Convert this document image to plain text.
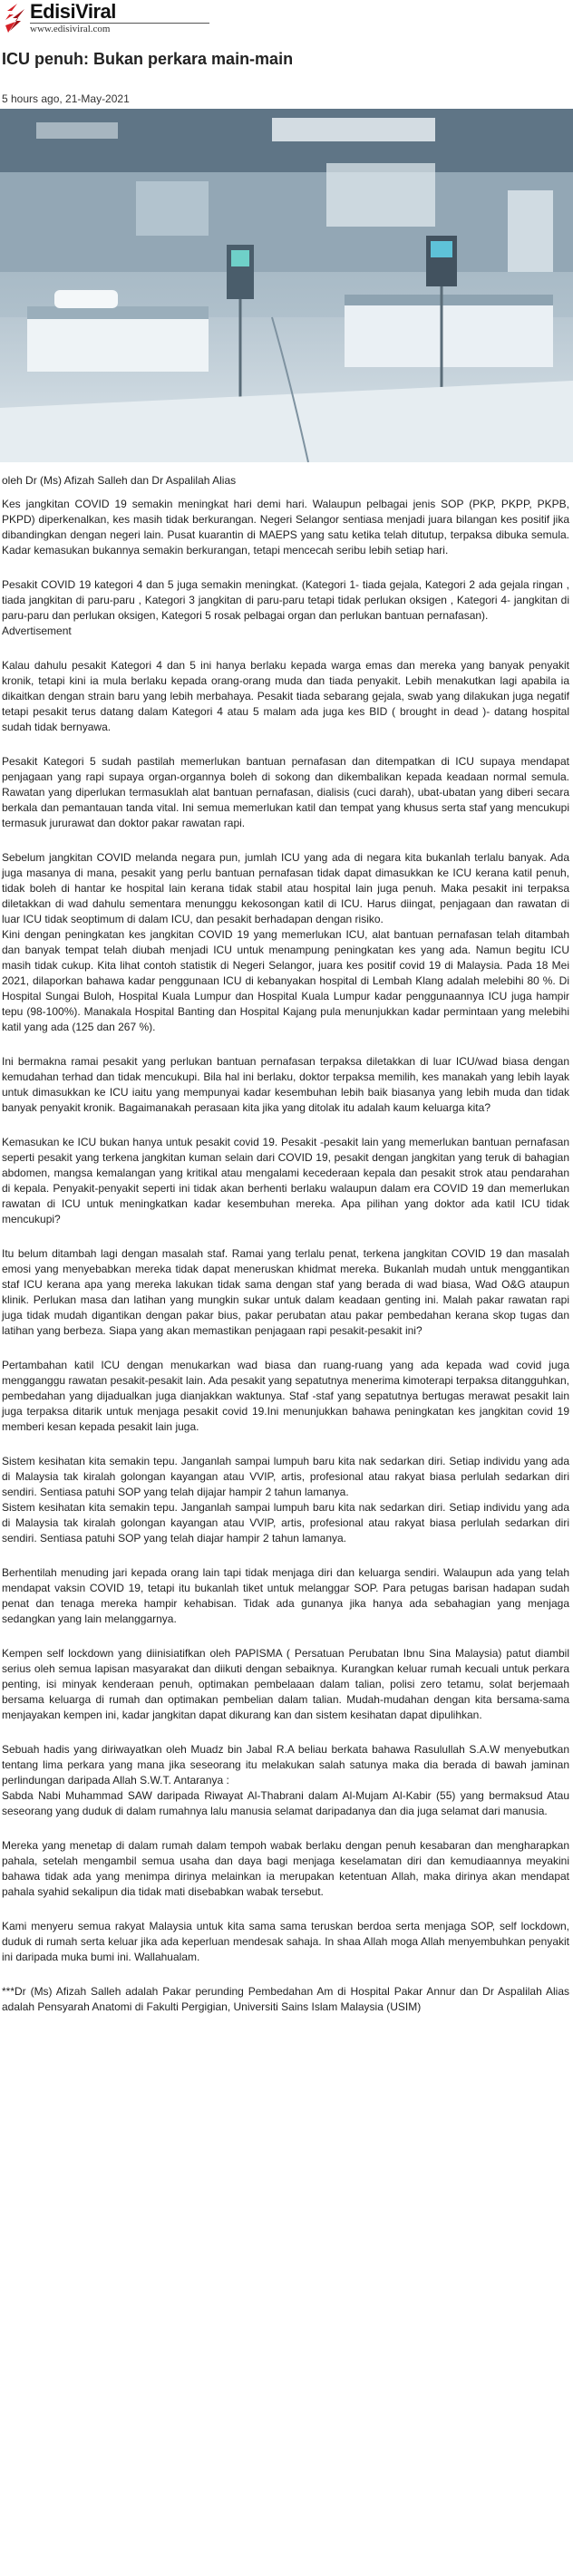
EdisiViral
www.edisiviral.com
ICU penuh: Bukan perkara main-main
5 hours ago, 21-May-2021
oleh Dr (Ms) Afizah Salleh dan Dr Aspalilah Alias

Kes jangkitan COVID 19 semakin meningkat hari demi hari. Walaupun pelbagai jenis SOP (PKP, PKPP, PKPB, PKPD) diperkenalkan, kes masih tidak berkurangan. Negeri Selangor sentiasa menjadi juara bilangan kes positif jika dibandingkan dengan negeri lain. Pusat kuarantin di MAEPS yang satu ketika telah ditutup, terpaksa dibuka semula. Kadar kemasukan bukannya semakin berkurangan, tetapi mencecah seribu lebih setiap hari.

Pesakit COVID 19 kategori 4 dan 5 juga semakin meningkat. (Kategori 1- tiada gejala, Kategori 2 ada gejala ringan , tiada jangkitan di paru-paru , Kategori 3 jangkitan di paru-paru tetapi tidak perlukan oksigen , Kategori 4- jangkitan di paru-paru dan perlukan oksigen, Kategori 5 rosak pelbagai organ dan perlukan bantuan pernafasan).

Advertisement

Kalau dahulu pesakit Kategori 4 dan 5 ini hanya berlaku kepada warga emas dan mereka yang banyak penyakit kronik, tetapi kini ia mula berlaku kepada orang-orang muda dan tiada penyakit. Lebih menakutkan lagi apabila ia dikaitkan dengan strain baru yang lebih merbahaya. Pesakit tiada sebarang gejala, swab yang dilakukan juga negatif tetapi pesakit terus datang dalam Kategori 4 atau 5 malam ada juga kes BID ( brought in dead )- datang hospital sudah tidak bernyawa.

Pesakit Kategori 5 sudah pastilah memerlukan bantuan pernafasan dan ditempatkan di ICU supaya mendapat penjagaan yang rapi supaya organ-organnya boleh di sokong dan dikembalikan kepada keadaan normal semula. Rawatan yang diperlukan termasuklah alat bantuan pernafasan, dialisis (cuci darah), ubat-ubatan yang diberi secara berkala dan pemantauan tanda vital. Ini semua memerlukan katil dan tempat yang khusus serta staf yang mencukupi termasuk jururawat dan doktor pakar rawatan rapi.

Sebelum jangkitan COVID melanda negara pun, jumlah ICU yang ada di negara kita bukanlah terlalu banyak. Ada juga masanya di mana, pesakit yang perlu bantuan pernafasan tidak dapat dimasukkan ke ICU kerana katil penuh, tidak boleh di hantar ke hospital lain kerana tidak stabil atau hospital lain juga penuh. Maka pesakit ini terpaksa diletakkan di wad dahulu sementara menunggu kekosongan katil di ICU. Harus diingat, penjagaan dan rawatan di luar ICU tidak seoptimum di dalam ICU, dan pesakit berhadapan dengan risiko.

Kini dengan peningkatan kes jangkitan COVID 19 yang memerlukan ICU, alat bantuan pernafasan telah ditambah dan banyak tempat telah diubah menjadi ICU untuk menampung peningkatan kes yang ada. Namun begitu ICU masih tidak cukup. Kita lihat contoh statistik di Negeri Selangor, juara kes positif covid 19 di Malaysia. Pada 18 Mei 2021, dilaporkan bahawa kadar penggunaan ICU di kebanyakan hospital di Lembah Klang adalah melebihi 80 %. Di Hospital Sungai Buloh, Hospital Kuala Lumpur dan Hospital Kuala Lumpur kadar penggunaannya ICU juga hampir tepu (98-100%). Manakala Hospital Banting dan Hospital Kajang pula menunjukkan kadar permintaan yang melebihi katil yang ada (125 dan 267 %).

Ini bermakna ramai pesakit yang perlukan bantuan pernafasan terpaksa diletakkan di luar ICU/wad biasa dengan kemudahan terhad dan tidak mencukupi. Bila hal ini berlaku, doktor terpaksa memilih, kes manakah yang lebih layak untuk dimasukkan ke ICU iaitu yang mempunyai kadar kesembuhan lebih baik biasanya yang lebih muda dan tidak banyak penyakit kronik. Bagaimanakah perasaan kita jika yang ditolak itu adalah kaum keluarga kita?

Kemasukan ke ICU bukan hanya untuk pesakit covid 19. Pesakit -pesakit lain yang memerlukan bantuan pernafasan seperti pesakit yang terkena jangkitan kuman selain dari COVID 19, pesakit dengan jangkitan yang teruk di bahagian abdomen, mangsa kemalangan yang kritikal atau mengalami kecederaan kepala dan pesakit strok atau pendarahan di kepala. Penyakit-penyakit seperti ini tidak akan berhenti berlaku walaupun dalam era COVID 19 dan memerlukan rawatan di ICU untuk meningkatkan kadar kesembuhan mereka. Apa pilihan yang doktor ada katil ICU tidak mencukupi?

Itu belum ditambah lagi dengan masalah staf. Ramai yang terlalu penat, terkena jangkitan COVID 19 dan masalah emosi yang menyebabkan mereka tidak dapat meneruskan khidmat mereka. Bukanlah mudah untuk menggantikan staf ICU kerana apa yang mereka lakukan tidak sama dengan staf yang berada di wad biasa, Wad O&G ataupun klinik. Perlukan masa dan latihan yang mungkin sukar untuk dalam keadaan genting ini. Malah pakar rawatan rapi juga tidak mudah digantikan dengan pakar bius, pakar perubatan atau pakar pembedahan kerana skop tugas dan latihan yang berbeza. Siapa yang akan memastikan penjagaan rapi pesakit-pesakit ini?

Pertambahan katil ICU dengan menukarkan wad biasa dan ruang-ruang yang ada kepada wad covid juga mengganggu rawatan pesakit-pesakit lain. Ada pesakit yang sepatutnya menerima kimoterapi terpaksa ditangguhkan, pembedahan yang dijadualkan juga dianjakkan waktunya. Staf -staf yang sepatutnya bertugas merawat pesakit lain juga terpaksa ditarik untuk menjaga pesakit covid 19.Ini menunjukkan bahawa peningkatan kes jangkitan covid 19 memberi kesan kepada pesakit lain juga.

Sistem kesihatan kita semakin tepu. Janganlah sampai lumpuh baru kita nak sedarkan diri. Setiap individu yang ada di Malaysia tak kiralah golongan kayangan atau VVIP, artis, profesional atau rakyat biasa perlulah sedarkan diri sendiri. Sentiasa patuhi SOP yang telah dijajar hampir 2 tahun lamanya.

Sistem kesihatan kita semakin tepu. Janganlah sampai lumpuh baru kita nak sedarkan diri. Setiap individu yang ada di Malaysia tak kiralah golongan kayangan atau VVIP, artis, profesional atau rakyat biasa perlulah sedarkan diri sendiri. Sentiasa patuhi SOP yang telah diajar hampir 2 tahun lamanya.

Berhentilah menuding jari kepada orang lain tapi tidak menjaga diri dan keluarga sendiri. Walaupun ada yang telah mendapat vaksin COVID 19, tetapi itu bukanlah tiket untuk melanggar SOP. Para petugas barisan hadapan sudah penat dan tenaga mereka hampir kehabisan. Tidak ada gunanya jika hanya ada sebahagian yang menjaga sedangkan yang lain melanggarnya.

Kempen self lockdown yang diinisiatifkan oleh PAPISMA ( Persatuan Perubatan Ibnu Sina Malaysia) patut diambil serius oleh semua lapisan masyarakat dan diikuti dengan sebaiknya. Kurangkan keluar rumah kecuali untuk perkara penting, isi minyak kenderaan penuh, optimakan pembelaaan dalam talian, polisi zero tetamu, solat berjemaah bersama keluarga di rumah dan optimakan pembelian dalam talian. Mudah-mudahan dengan kita bersama-sama menjayakan kempen ini, kadar jangkitan dapat dikurang kan dan sistem kesihatan dapat dipulihkan.

Sebuah hadis yang diriwayatkan oleh Muadz bin Jabal R.A beliau berkata bahawa Rasulullah S.A.W menyebutkan tentang lima perkara yang mana jika seseorang itu melakukan salah satunya maka dia berada di bawah jaminan perlindungan daripada Allah S.W.T. Antaranya :

Sabda Nabi Muhammad SAW daripada Riwayat Al-Thabrani dalam Al-Mujam Al-Kabir (55) yang bermaksud Atau seseorang yang duduk di dalam rumahnya lalu manusia selamat daripadanya dan dia juga selamat dari manusia.

Mereka yang menetap di dalam rumah dalam tempoh wabak berlaku dengan penuh kesabaran dan mengharapkan pahala, setelah mengambil semua usaha dan daya bagi menjaga keselamatan diri dan kemudiaannya meyakini bahawa tidak ada yang menimpa dirinya melainkan ia merupakan ketentuan Allah, maka dirinya akan mendapat pahala syahid sekalipun dia tidak mati disebabkan wabak tersebut.

Kami menyeru semua rakyat Malaysia untuk kita sama sama teruskan berdoa serta menjaga SOP, self lockdown, duduk di rumah serta keluar jika ada keperluan mendesak sahaja. In shaa Allah moga Allah menyembuhkan penyakit ini daripada muka bumi ini. Wallahualam.

***Dr (Ms) Afizah Salleh adalah Pakar perunding Pembedahan Am di Hospital Pakar Annur dan Dr Aspalilah Alias adalah Pensyarah Anatomi di Fakulti Pergigian, Universiti Sains Islam Malaysia (USIM)
